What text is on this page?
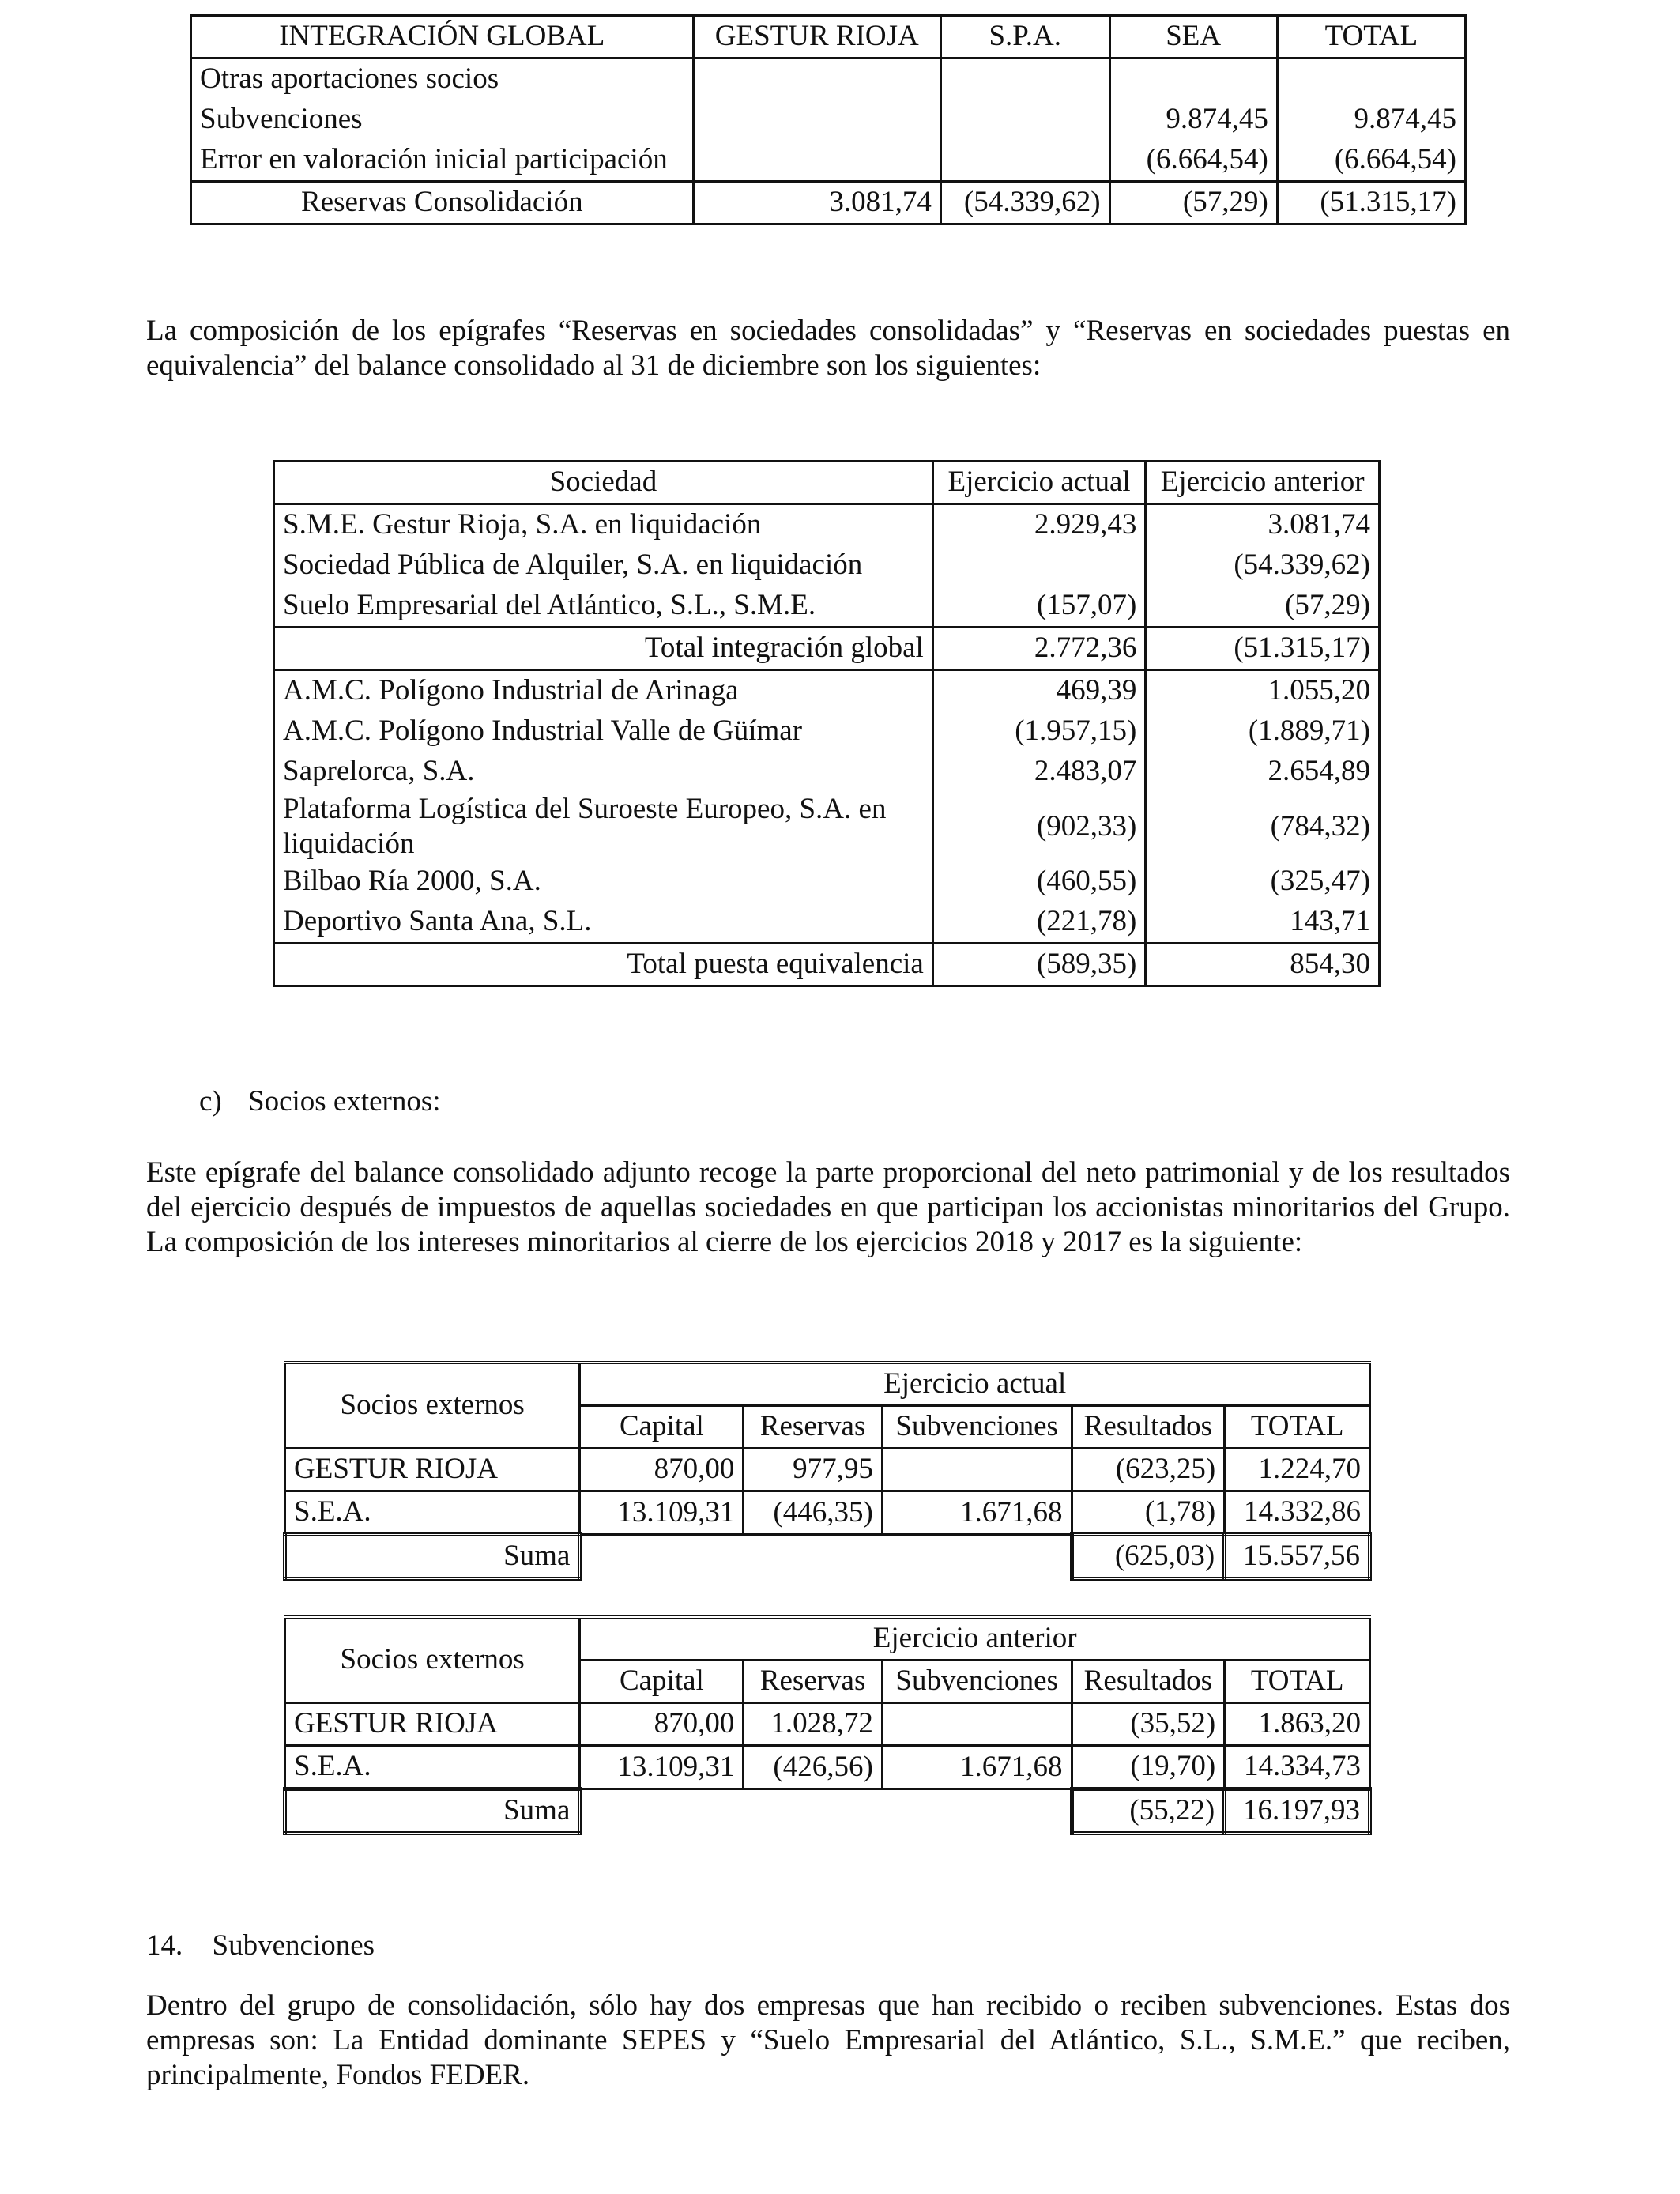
INTEGRACIÓN GLOBAL	GESTUR RIOJA	S.P.A.	SEA	TOTAL
Otras aportaciones socios				
Subvenciones			9.874,45	9.874,45
Error en valoración inicial participación			(6.664,54)	(6.664,54)
Reservas Consolidación	3.081,74	(54.339,62)	(57,29)	(51.315,17)

La composición de los epígrafes “Reservas en sociedades consolidadas” y “Reservas en sociedades puestas en equivalencia” del balance consolidado al 31 de diciembre son los siguientes:

Sociedad	Ejercicio actual	Ejercicio anterior
S.M.E. Gestur Rioja, S.A. en liquidación	2.929,43	3.081,74
Sociedad Pública de Alquiler, S.A. en liquidación		(54.339,62)
Suelo Empresarial del Atlántico, S.L., S.M.E.	(157,07)	(57,29)
Total integración global	2.772,36	(51.315,17)
A.M.C. Polígono Industrial de Arinaga	469,39	1.055,20
A.M.C. Polígono Industrial Valle de Güímar	(1.957,15)	(1.889,71)
Saprelorca, S.A.	2.483,07	2.654,89
Plataforma Logística del Suroeste Europeo, S.A. en liquidación	(902,33)	(784,32)
Bilbao Ría 2000, S.A.	(460,55)	(325,47)
Deportivo Santa Ana, S.L.	(221,78)	143,71
Total puesta equivalencia	(589,35)	854,30
c) Socios externos:

Este epígrafe del balance consolidado adjunto recoge la parte proporcional del neto patrimonial y de los resultados del ejercicio después de impuestos de aquellas sociedades en que participan los accionistas minoritarios del Grupo. La composición de los intereses minoritarios al cierre de los ejercicios 2018 y 2017 es la siguiente:

Socios externos	Ejercicio actual				
	Capital	Reservas	Subvenciones	Resultados	TOTAL
GESTUR RIOJA	870,00	977,95		(623,25)	1.224,70
S.E.A.	13.109,31	(446,35)	1.671,68	(1,78)	14.332,86
Suma				(625,03)	15.557,56
Socios externos	Ejercicio anterior				
	Capital	Reservas	Subvenciones	Resultados	TOTAL
GESTUR RIOJA	870,00	1.028,72		(35,52)	1.863,20
S.E.A.	13.109,31	(426,56)	1.671,68	(19,70)	14.334,73
Suma				(55,22)	16.197,93
14. Subvenciones

Dentro del grupo de consolidación, sólo hay dos empresas que han recibido o reciben subvenciones. Estas dos empresas son: La Entidad dominante SEPES y “Suelo Empresarial del Atlántico, S.L., S.M.E.” que reciben, principalmente, Fondos FEDER.
